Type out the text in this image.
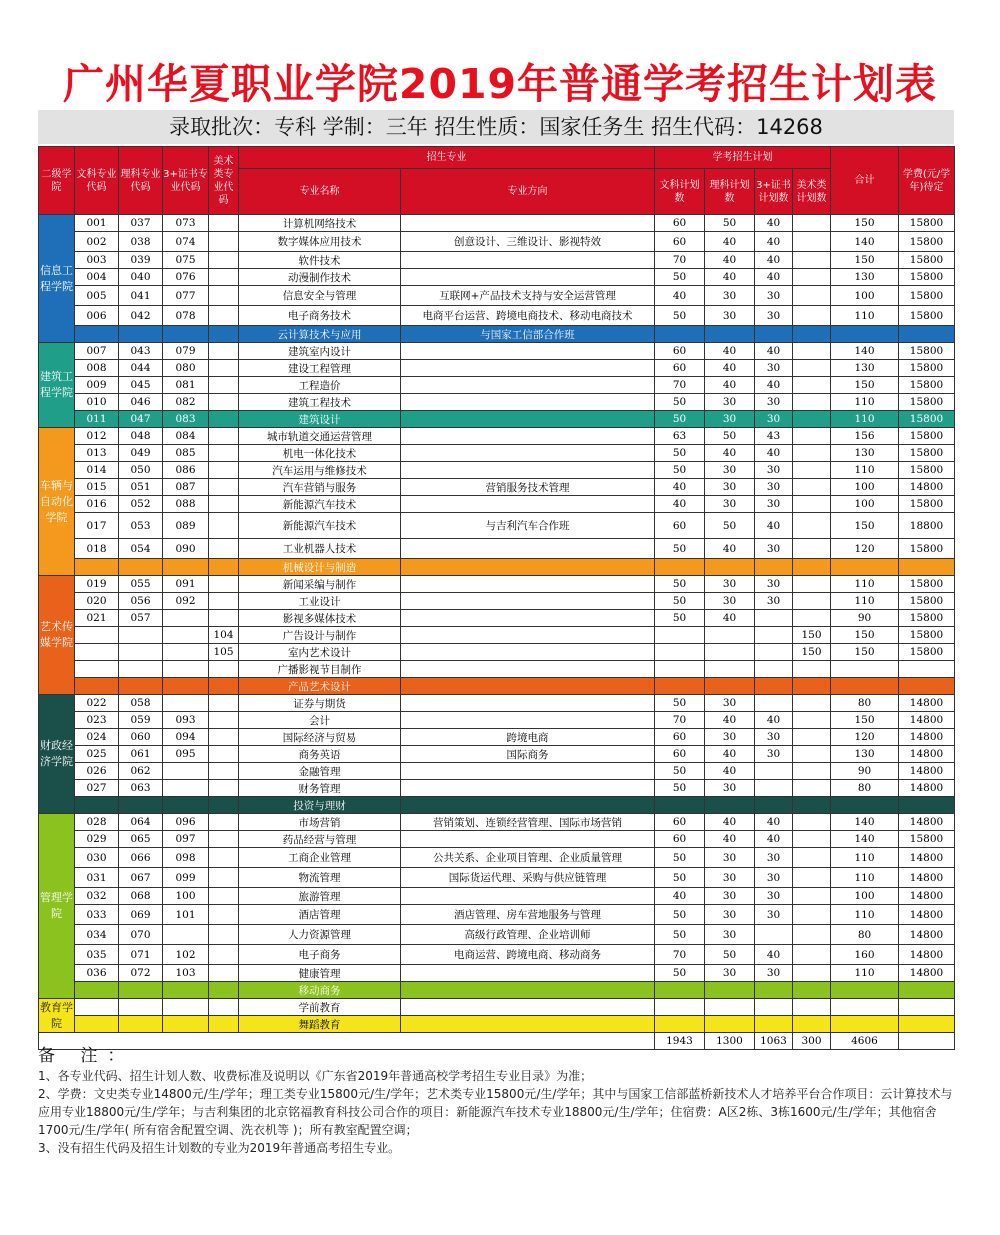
广州华夏职业学院2019年普通学考招生计划表
录取批次：专科 学制：三年 招生性质：国家任务生 招生代码：14268
二级学院	文科专业代码	理科专业代码	3+证书专业代码	美术类专业代码	招生专业		学考招生计划				合计	学费(元/学年)待定
					专业名称	专业方向	文科计划数	理科计划数	3+证书计划数	美术类计划数		
信息工程学院	001	037	073		计算机网络技术		60	50	40		150	15800
	002	038	074		数字媒体应用技术	创意设计、三维设计、影视特效	60	40	40		140	15800
	003	039	075		软件技术		70	40	40		150	15800
	004	040	076		动漫制作技术		50	40	40		130	15800
	005	041	077		信息安全与管理	互联网+产品技术支持与安全运营管理	40	30	30		100	15800
	006	042	078		电子商务技术	电商平台运营、跨境电商技术、移动电商技术	50	30	30		110	15800
					云计算技术与应用	与国家工信部合作班						
建筑工程学院	007	043	079		建筑室内设计		60	40	40		140	15800
	008	044	080		建设工程管理		60	40	30		130	15800
	009	045	081		工程造价		70	40	40		150	15800
	010	046	082		建筑工程技术		50	30	30		110	15800
	011	047	083		建筑设计		50	30	30		110	15800
车辆与自动化学院	012	048	084		城市轨道交通运营管理		63	50	43		156	15800
	013	049	085		机电一体化技术		50	40	40		130	15800
	014	050	086		汽车运用与维修技术		50	30	30		110	15800
	015	051	087		汽车营销与服务	营销服务技术管理	40	30	30		100	14800
	016	052	088		新能源汽车技术		40	30	30		100	15800
	017	053	089		新能源汽车技术	与吉利汽车合作班	60	50	40		150	18800
	018	054	090		工业机器人技术		50	40	30		120	15800
					机械设计与制造							
艺术传媒学院	019	055	091		新闻采编与制作		50	30	30		110	15800
	020	056	092		工业设计		50	30	30		110	15800
	021	057			影视多媒体技术		50	40			90	15800
				104	广告设计与制作					150	150	15800
				105	室内艺术设计					150	150	15800
					广播影视节目制作							
					产品艺术设计							
财政经济学院	022	058			证券与期货		50	30			80	14800
	023	059	093		会计		70	40	40		150	14800
	024	060	094		国际经济与贸易	跨境电商	60	30	30		120	14800
	025	061	095		商务英语	国际商务	60	40	30		130	14800
	026	062			金融管理		50	40			90	14800
	027	063			财务管理		50	30			80	14800
					投资与理财							
管理学院	028	064	096		市场营销	营销策划、连锁经营管理、国际市场营销	60	40	40		140	14800
	029	065	097		药品经营与管理		60	40	40		140	15800
	030	066	098		工商企业管理	公共关系、企业项目管理、企业质量管理	50	30	30		110	14800
	031	067	099		物流管理	国际货运代理、采购与供应链管理	50	30	30		110	14800
	032	068	100		旅游管理		40	30	30		100	14800
	033	069	101		酒店管理	酒店管理、房车营地服务与管理	50	30	30		110	14800
	034	070			人力资源管理	高级行政管理、企业培训师	50	30			80	14800
	035	071	102		电子商务	电商运营、跨境电商、移动商务	70	50	40		160	14800
	036	072	103		健康管理		50	30	30		110	14800
					移动商务							
教育学院					学前教育							
					舞蹈教育							
							1943	1300	1063	300	4606	
备 注：

1、各专业代码、招生计划人数、收费标准及说明以《广东省2019年普通高校学考招生专业目录》为准；

2、学费：文史类专业14800元/生/学年；理工类专业15800元/生/学年；艺术类专业15800元/生/学年；其中与国家工信部蓝桥新技术人才培养平台合作项目：云计算技术与应用专业18800元/生/学年；与吉利集团的北京铭福教育科技公司合作的项目：新能源汽车技术专业18800元/生/学年；住宿费：A区2栋、3栋1600元/生/学年；其他宿舍1700元/生/学年( 所有宿舍配置空调、洗衣机等 )；所有教室配置空调；

3、没有招生代码及招生计划数的专业为2019年普通高考招生专业。
